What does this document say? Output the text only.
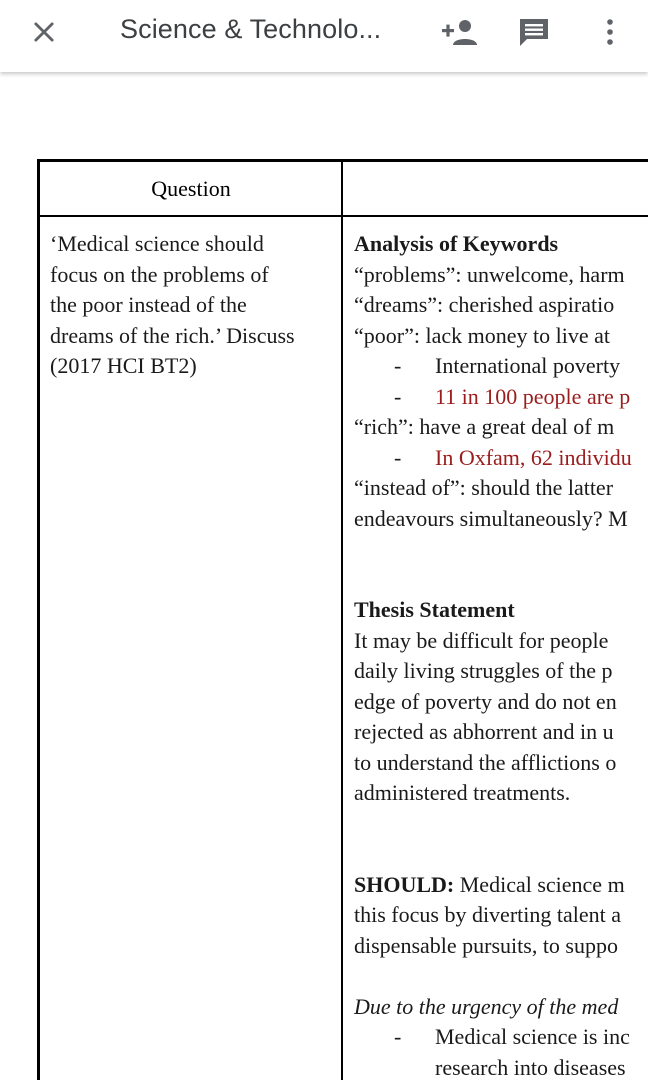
Science & Technolo...
Question
‘Medical science should
focus on the problems of
the poor instead of the
dreams of the rich.’ Discuss
(2017 HCI BT2)
Analysis of Keywords
“problems”: unwelcome, harm
“dreams”: cherished aspiratio
“poor”: lack money to live at
- International poverty
- 11 in 100 people are p
“rich”: have a great deal of m
- In Oxfam, 62 individu
“instead of”: should the latter
endeavours simultaneously? M
Thesis Statement
It may be difficult for people
daily living struggles of the p
edge of poverty and do not en
rejected as abhorrent and in u
to understand the afflictions o
administered treatments.
SHOULD: Medical science m
this focus by diverting talent a
dispensable pursuits, to suppo
Due to the urgency of the med
- Medical science is inc
research into diseases
